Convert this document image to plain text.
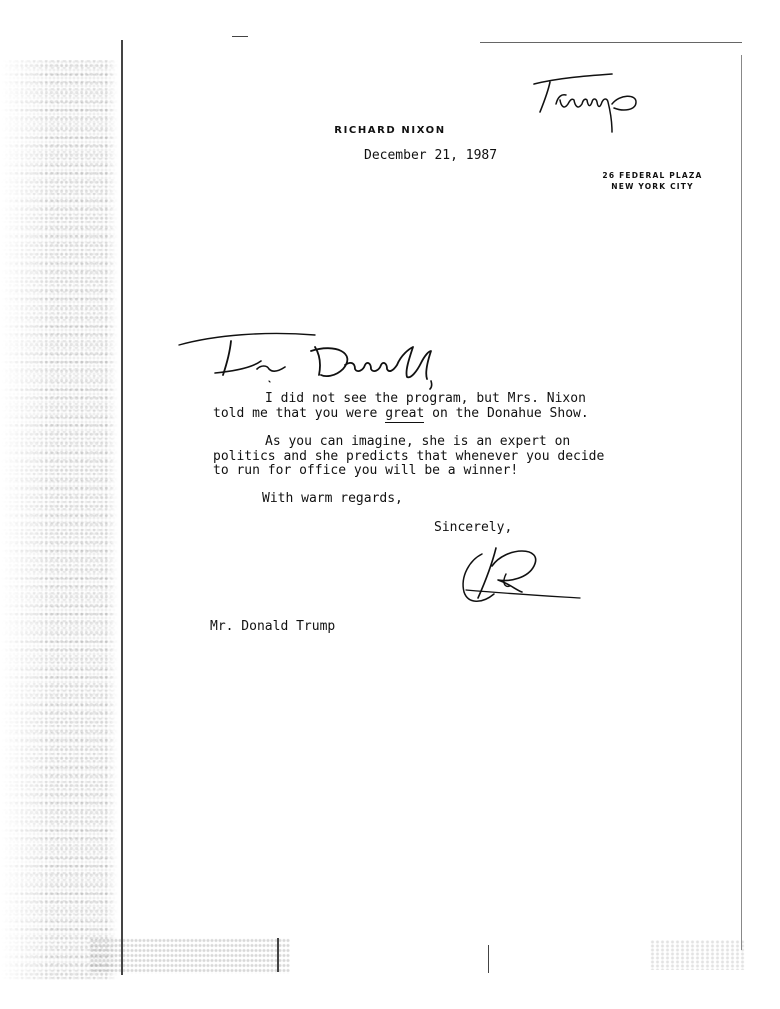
RICHARD NIXON
December 21, 1987
26 FEDERAL PLAZA
NEW YORK CITY
I did not see the program, but Mrs. Nixon
told me that you were great on the Donahue Show.
As you can imagine, she is an expert on
politics and she predicts that whenever you decide
to run for office you will be a winner!
With warm regards,
Sincerely,
Mr. Donald Trump
